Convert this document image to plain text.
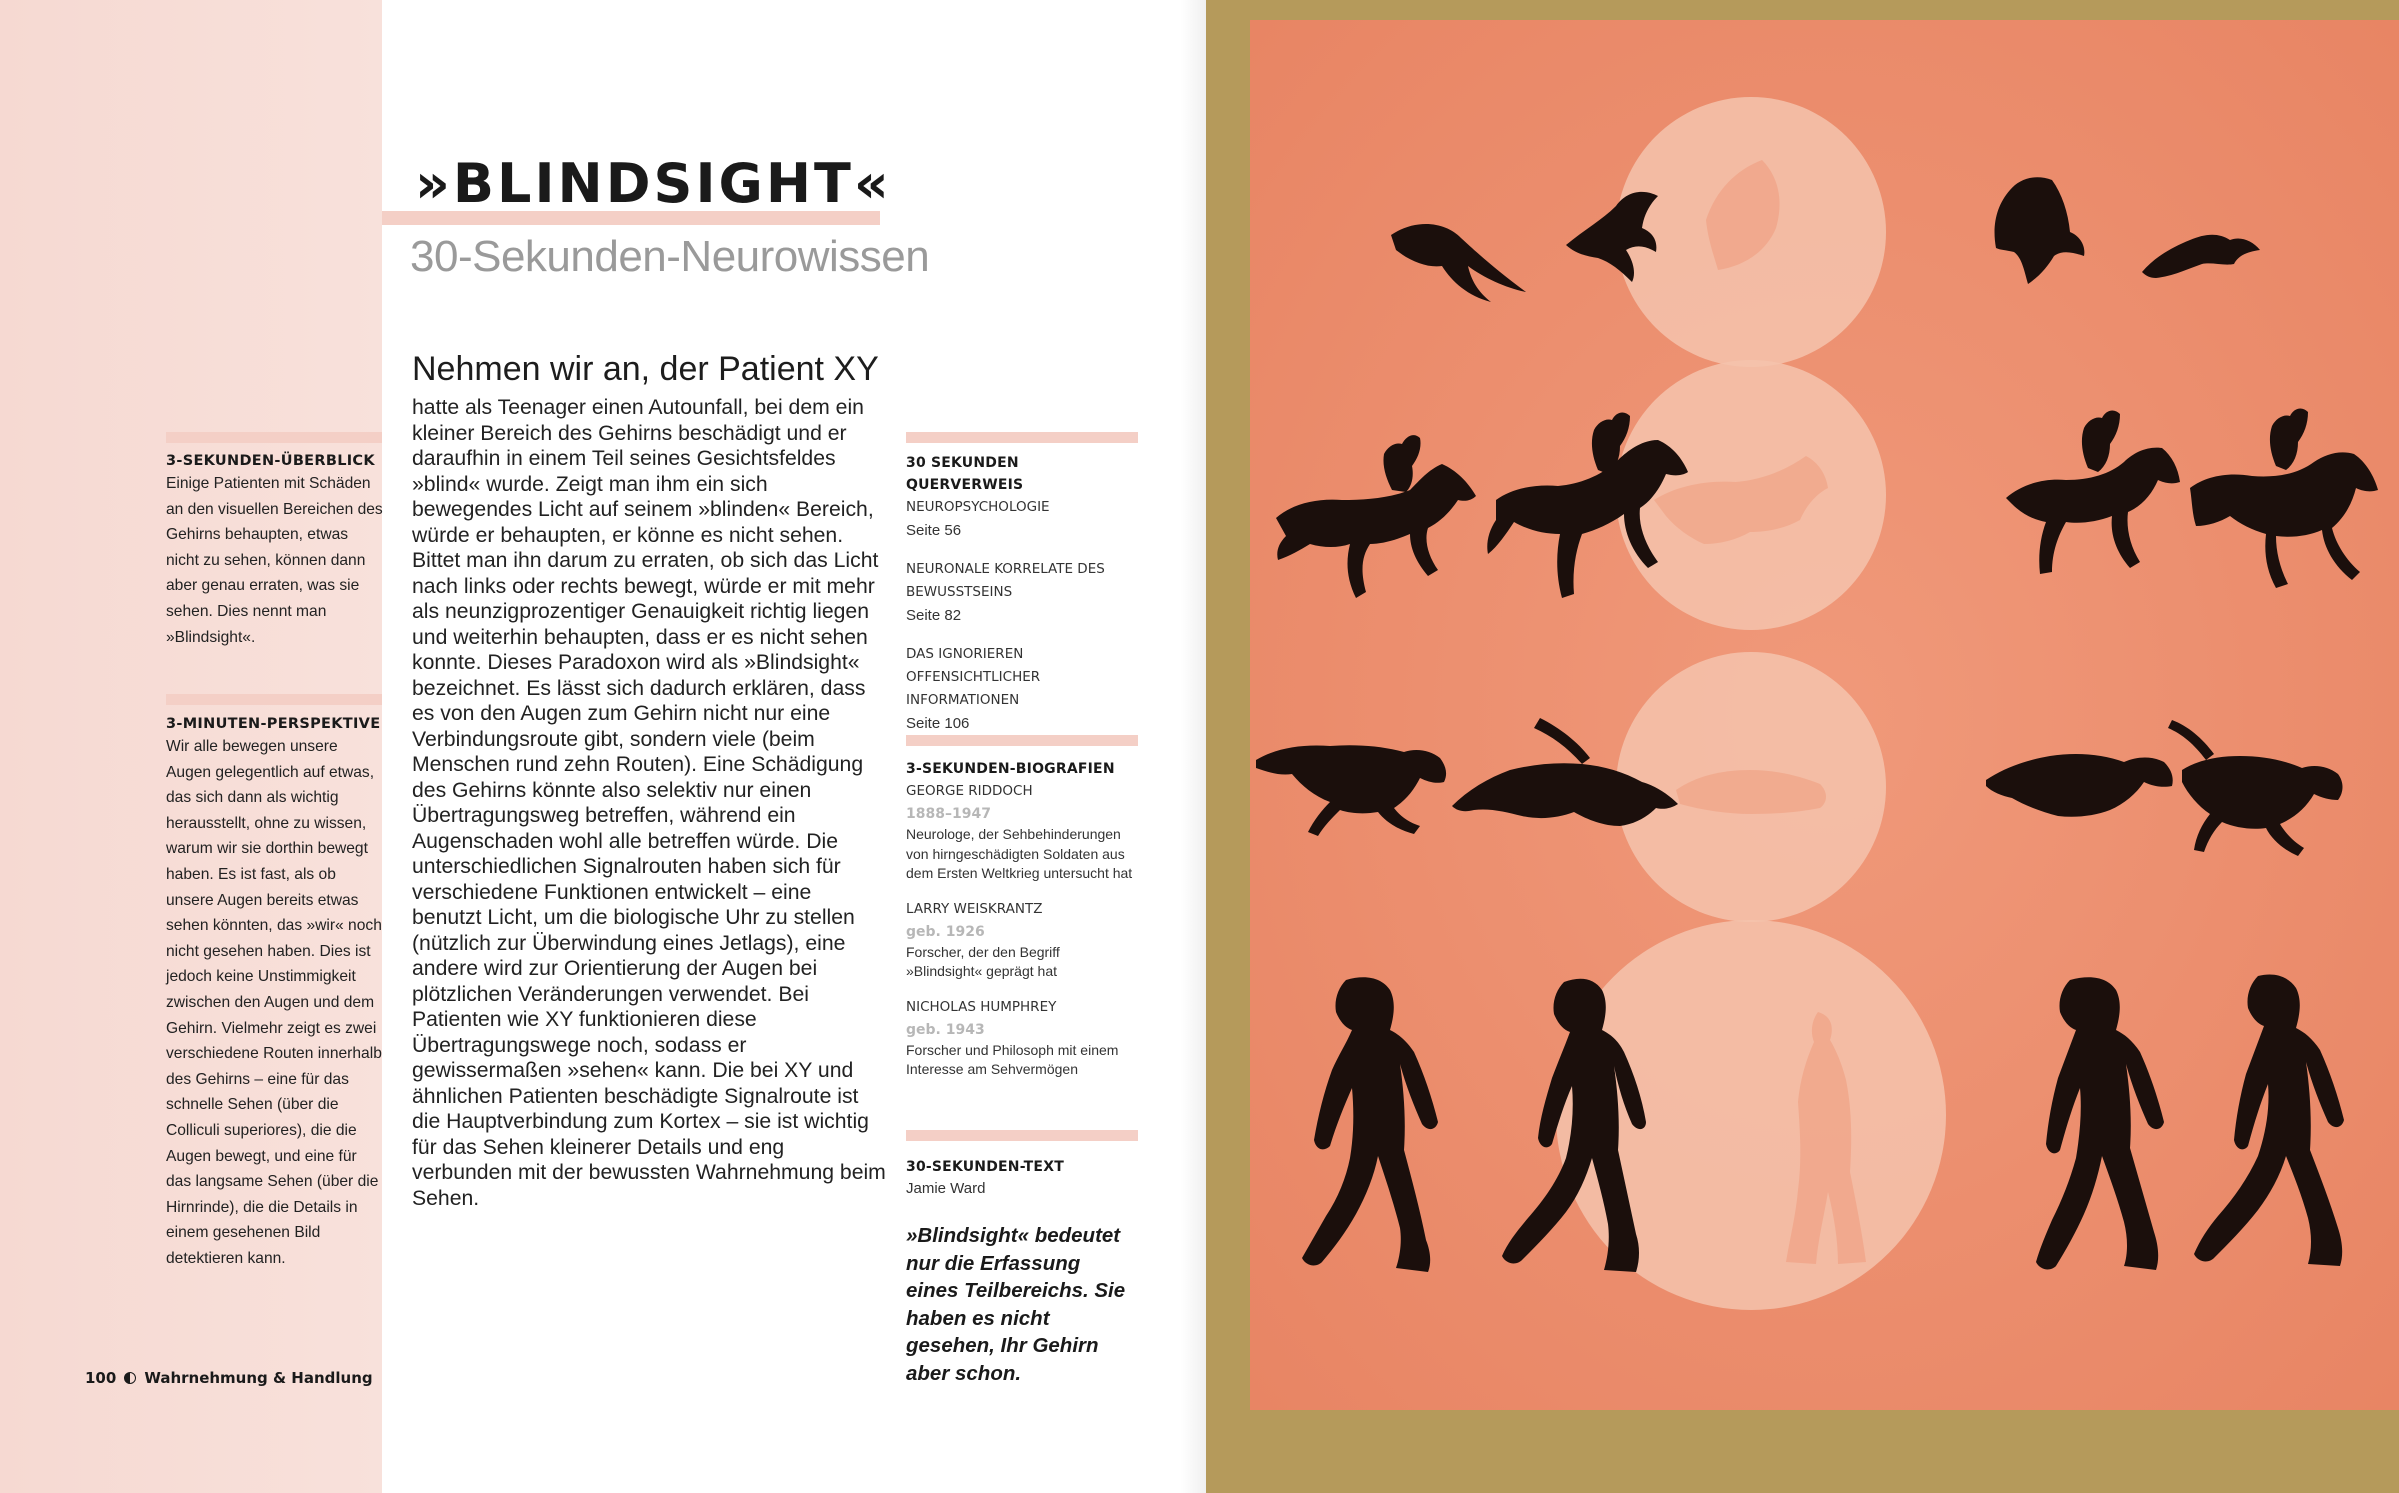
»BLINDSIGHT«
30-Sekunden-Neurowissen
Nehmen wir an, der Patient XY
hatte als Teenager einen Autounfall, bei dem ein kleiner Bereich des Gehirns beschädigt und er daraufhin in einem Teil seines Gesichtsfeldes »blind« wurde. Zeigt man ihm ein sich bewegendes Licht auf seinem »blinden« Bereich, würde er behaupten, er könne es nicht sehen. Bittet man ihn darum zu erraten, ob sich das Licht nach links oder rechts bewegt, würde er mit mehr als neunzigprozentiger Genauigkeit richtig liegen und weiterhin behaupten, dass er es nicht sehen konnte. Dieses Paradoxon wird als »Blindsight« bezeichnet. Es lässt sich dadurch erklären, dass es von den Augen zum Gehirn nicht nur eine Verbindungsroute gibt, sondern viele (beim Menschen rund zehn Routen). Eine Schädigung des Gehirns könnte also selektiv nur einen Übertragungsweg betreffen, während ein Augenschaden wohl alle betreffen würde. Die unterschiedlichen Signalrouten haben sich für verschiedene Funktionen entwickelt – eine benutzt Licht, um die biologische Uhr zu stellen (nützlich zur Überwindung eines Jetlags), eine andere wird zur Orientierung der Augen bei plötzlichen Veränderungen verwendet. Bei Patienten wie XY funktionieren diese Übertragungswege noch, sodass er gewissermaßen »sehen« kann. Die bei XY und ähnlichen Patienten beschädigte Signalroute ist die Hauptverbindung zum Kortex – sie ist wichtig für das Sehen kleinerer Details und eng verbunden mit der bewussten Wahrnehmung beim Sehen.

3-SEKUNDEN-ÜBERBLICK

Einige Patienten mit Schäden an den visuellen Bereichen des Gehirns behaupten, etwas nicht zu sehen, können dann aber genau erraten, was sie sehen. Dies nennt man »Blindsight«.

3-MINUTEN-PERSPEKTIVE

Wir alle bewegen unsere Augen gelegentlich auf etwas, das sich dann als wichtig herausstellt, ohne zu wissen, warum wir sie dorthin bewegt haben. Es ist fast, als ob unsere Augen bereits etwas sehen könnten, das »wir« noch nicht gesehen haben. Dies ist jedoch keine Unstimmigkeit zwischen den Augen und dem Gehirn. Vielmehr zeigt es zwei verschiedene Routen innerhalb des Gehirns – eine für das schnelle Sehen (über die Colliculi superiores), die die Augen bewegt, und eine für das langsame Sehen (über die Hirnrinde), die die Details in einem gesehenen Bild detektieren kann.

30 SEKUNDEN QUERVERWEIS

NEUROPSYCHOLOGIE

Seite 56

NEURONALE KORRELATE DES BEWUSSTSEINS

Seite 82

DAS IGNORIEREN OFFENSICHTLICHER INFORMATIONEN

Seite 106

3-SEKUNDEN-BIOGRAFIEN

GEORGE RIDDOCH

1888–1947

Neurologe, der Sehbehinderungen von hirngeschädigten Soldaten aus dem Ersten Weltkrieg untersucht hat

LARRY WEISKRANTZ

geb. 1926

Forscher, der den Begriff »Blindsight« geprägt hat

NICHOLAS HUMPHREY

geb. 1943

Forscher und Philosoph mit einem Interesse am Sehvermögen

30-SEKUNDEN-TEXT

Jamie Ward

»Blindsight« bedeutet nur die Erfassung eines Teilbereichs. Sie haben es nicht gesehen, Ihr Gehirn aber schon.
100 Wahrnehmung & Handlung
